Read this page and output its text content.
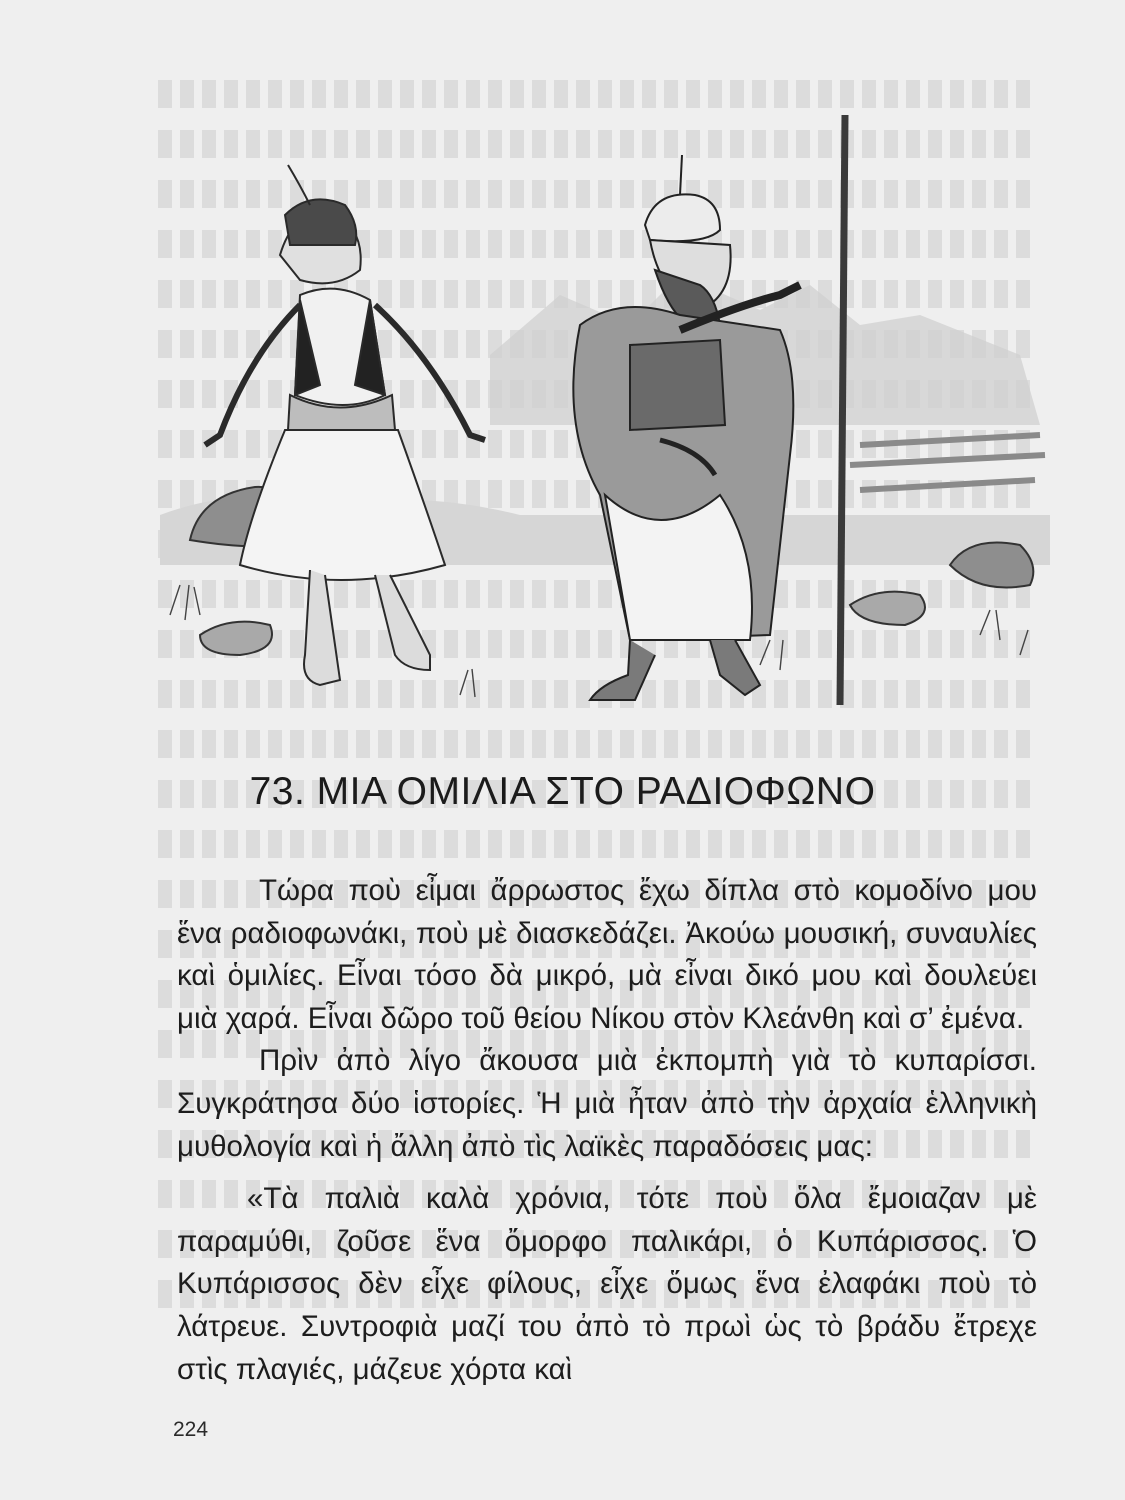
73. ΜΙΑ ΟΜΙΛΙΑ ΣΤΟ ΡΑΔΙΟΦΩΝΟ

Τώρα ποὺ εἶμαι ἄρρωστος ἔχω δίπλα στὸ κομοδίνο μου ἕνα ραδιοφωνάκι, ποὺ μὲ διασκεδάζει. Ἀκούω μουσική, συναυλίες καὶ ὁμιλίες. Εἶναι τόσο δὰ μικρό, μὰ εἶναι δικό μου καὶ δουλεύει μιὰ χαρά. Εἶναι δῶρο τοῦ θείου Νίκου στὸν Κλεάνθη καὶ σ’ ἐμένα.

Πρὶν ἀπὸ λίγο ἄκουσα μιὰ ἐκπομπὴ γιὰ τὸ κυπαρίσσι. Συγκράτησα δύο ἱστορίες. Ἡ μιὰ ἦταν ἀπὸ τὴν ἀρχαία ἑλληνικὴ μυθολογία καὶ ἡ ἄλλη ἀπὸ τὶς λαϊκὲς παραδόσεις μας:

«Τὰ παλιὰ καλὰ χρόνια, τότε ποὺ ὅλα ἔμοιαζαν μὲ παραμύθι, ζοῦσε ἕνα ὄμορφο παλικάρι, ὁ Κυπάρισσος. Ὁ Κυπάρισσος δὲν εἶχε φίλους, εἶχε ὅμως ἕνα ἐλαφάκι ποὺ τὸ λάτρευε. Συντροφιὰ μαζί του ἀπὸ τὸ πρωὶ ὡς τὸ βράδυ ἔτρεχε στὶς πλαγιές, μάζευε χόρτα καὶ

224
